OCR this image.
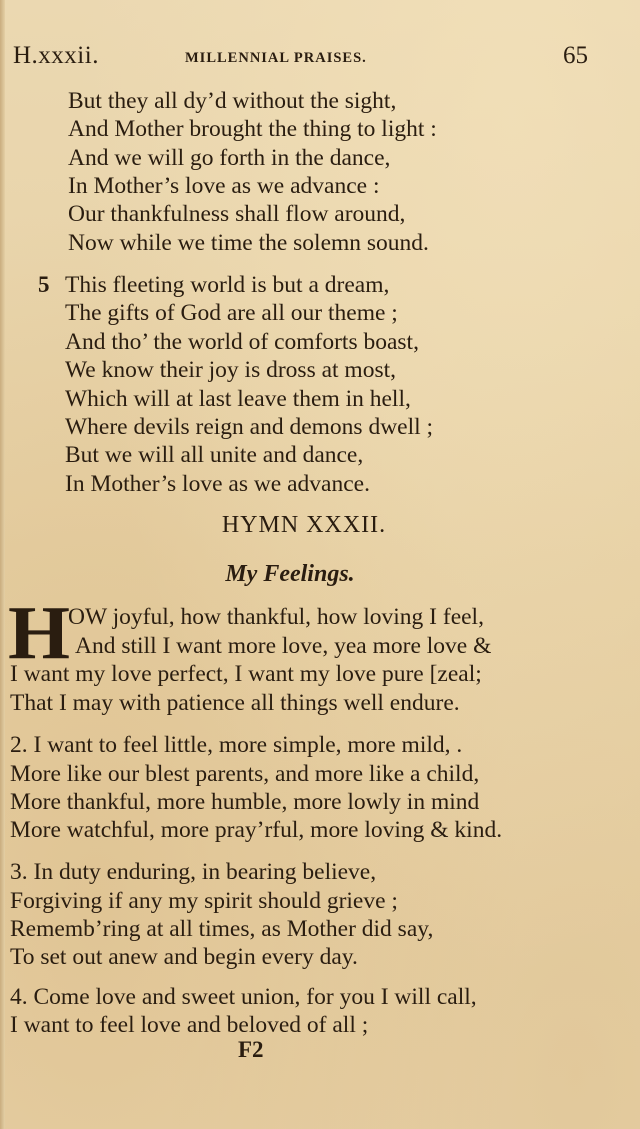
H.xxxii.	MILLENNIAL PRAISES.	65
But they all dy’d without the sight,
And Mother brought the thing to light :
And we will go forth in the dance,
In Mother’s love as we advance :
Our thankfulness shall flow around,
Now while we time the solemn sound.
5 This fleeting world is but a dream,
The gifts of God are all our theme ;
And tho’ the world of comforts boast,
We know their joy is dross at most,
Which will at last leave them in hell,
Where devils reign and demons dwell ;
But we will all unite and dance,
In Mother’s love as we advance.
HYMN XXXII.
My Feelings.
H
OW joyful, how thankful, how loving I feel,
And still I want more love, yea more love &
I want my love perfect, I want my love pure [zeal;
That I may with patience all things well endure.
2. I want to feel little, more simple, more mild, .
More like our blest parents, and more like a child,
More thankful, more humble, more lowly in mind
More watchful, more pray’rful, more loving & kind.
3. In duty enduring, in bearing believe,
Forgiving if any my spirit should grieve ;
Rememb’ring at all times, as Mother did say,
To set out anew and begin every day.
4. Come love and sweet union, for you I will call,
I want to feel love and beloved of all ;
F2
